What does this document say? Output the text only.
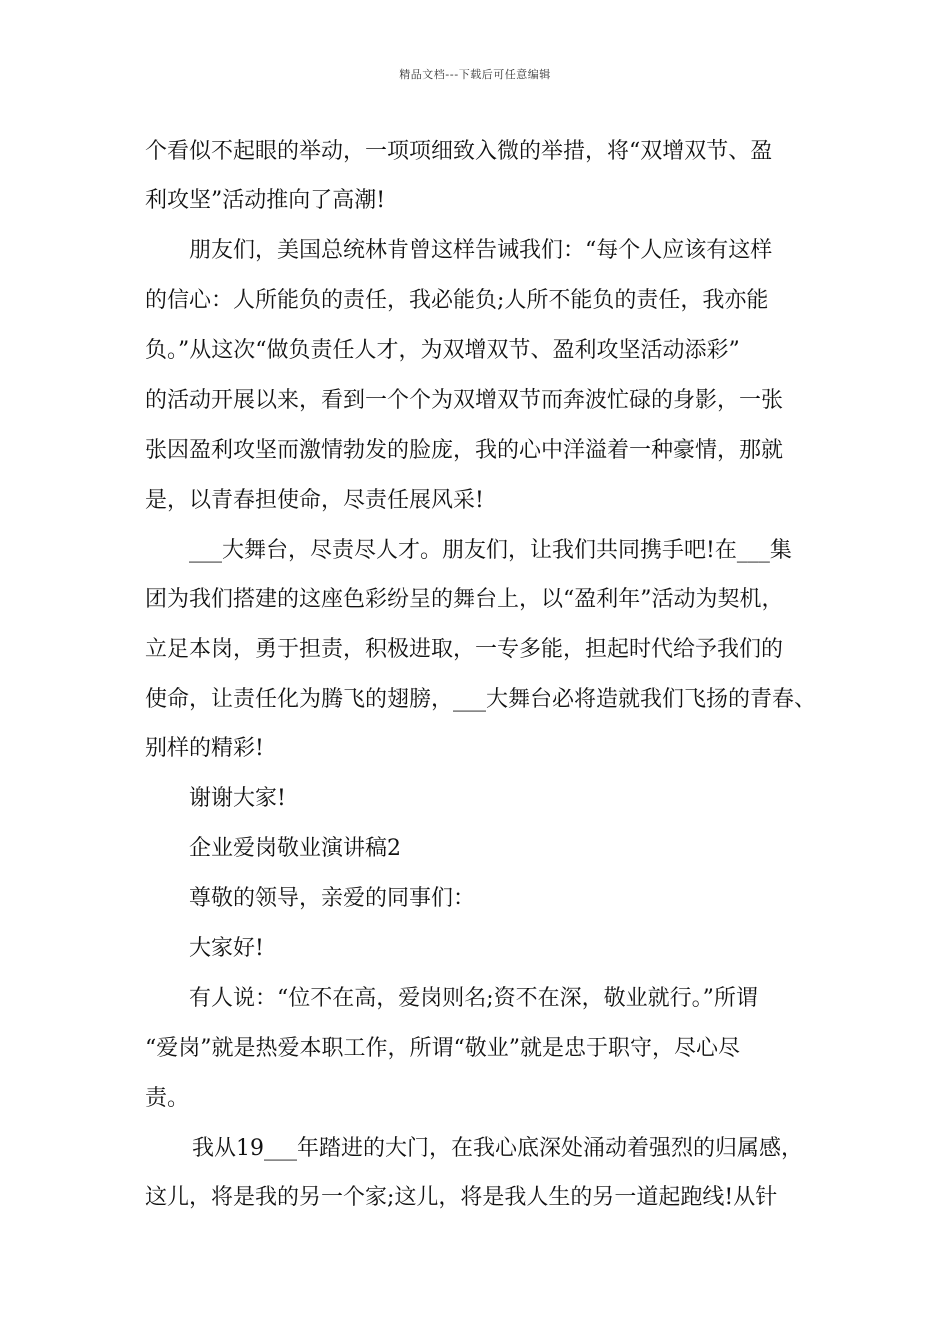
精品文档---下载后可任意编辑
个看似不起眼的举动，一项项细致入微的举措，将“双增双节、盈
利攻坚”活动推向了高潮!
朋友们，美国总统林肯曾这样告诫我们：“每个人应该有这样
的信心：人所能负的责任，我必能负;人所不能负的责任，我亦能
负。”从这次“做负责任人才，为双增双节、盈利攻坚活动添彩”
的活动开展以来，看到一个个为双增双节而奔波忙碌的身影，一张
张因盈利攻坚而激情勃发的脸庞，我的心中洋溢着一种豪情，那就
是，以青春担使命，尽责任展风采!
___大舞台，尽责尽人才。朋友们，让我们共同携手吧!在___集
团为我们搭建的这座色彩纷呈的舞台上，以“盈利年”活动为契机，
立足本岗，勇于担责，积极进取，一专多能，担起时代给予我们的
使命，让责任化为腾飞的翅膀，___大舞台必将造就我们飞扬的青春、
别样的精彩!
谢谢大家!
企业爱岗敬业演讲稿2
尊敬的领导，亲爱的同事们：
大家好!
有人说：“位不在高，爱岗则名;资不在深，敬业就行。”所谓
“爱岗”就是热爱本职工作，所谓“敬业”就是忠于职守，尽心尽
责。
我从19___年踏进的大门，在我心底深处涌动着强烈的归属感，
这儿，将是我的另一个家;这儿，将是我人生的另一道起跑线!从针
